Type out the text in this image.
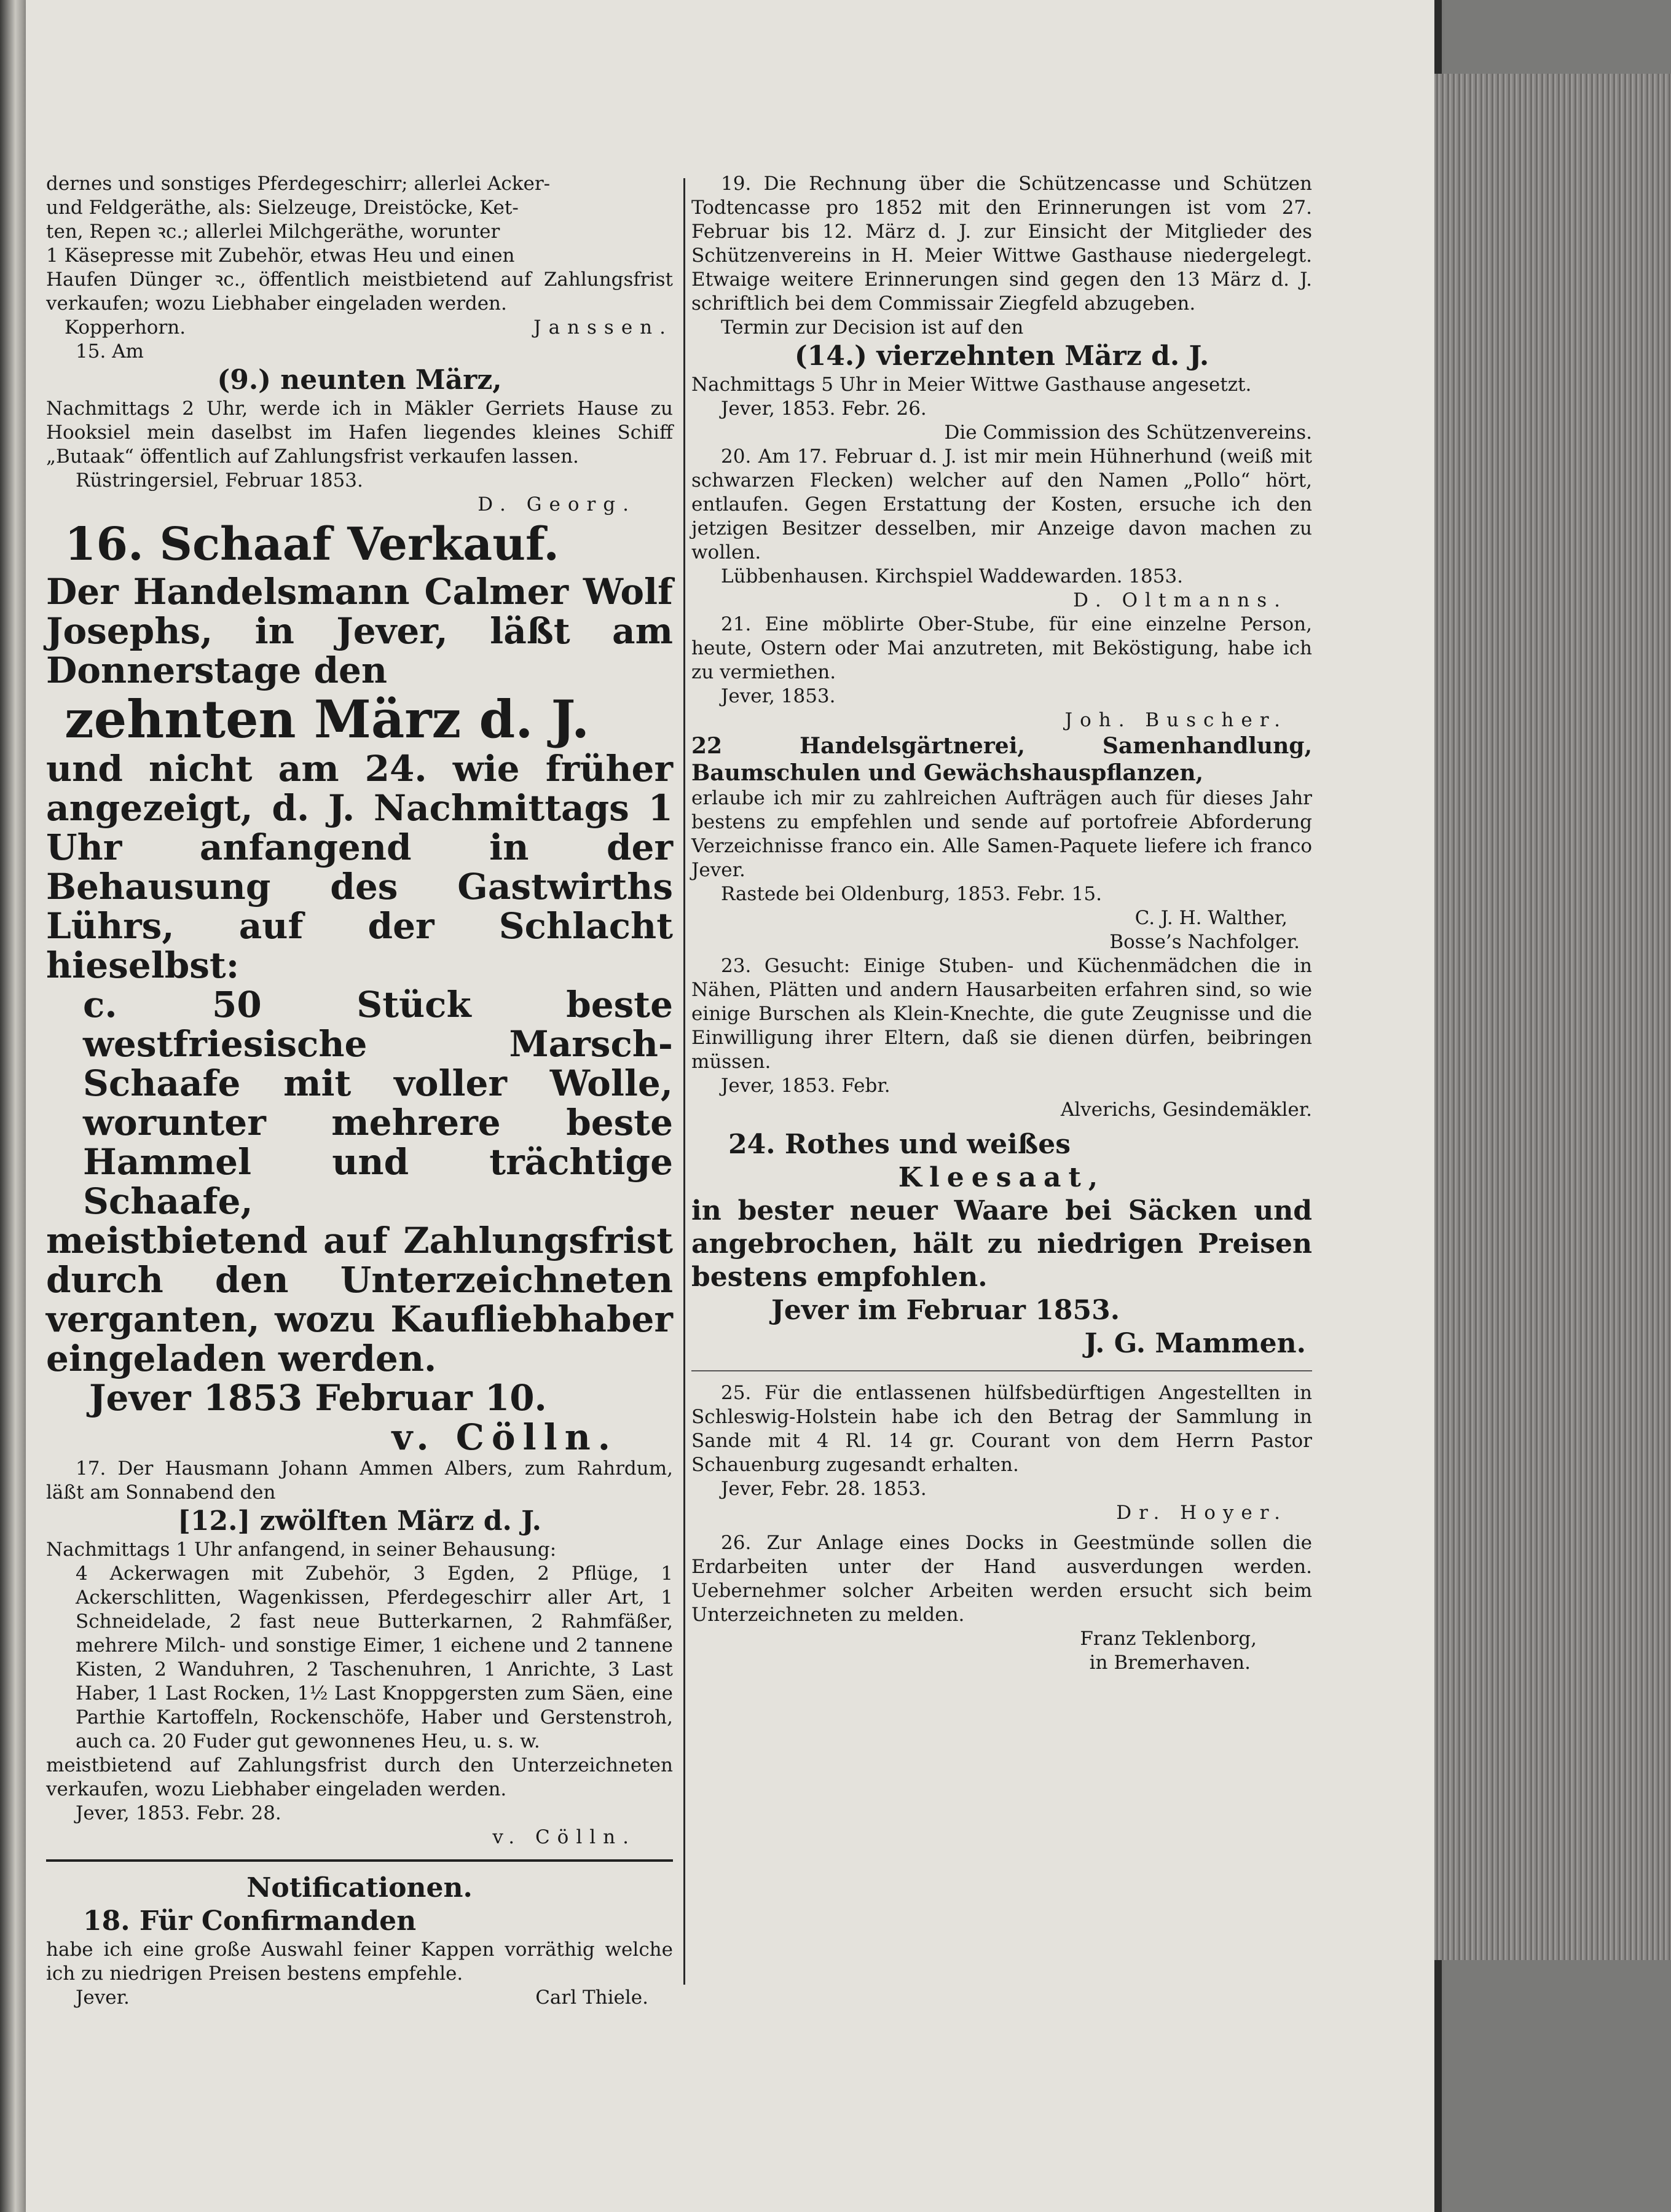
dernes und sonstiges Pferdegeschirr; allerlei Acker-

und Feldgeräthe, als: Sielzeuge, Dreistöcke, Ket-

ten, Repen ꝛc.; allerlei Milchgeräthe, worunter

1 Käsepresse mit Zubehör, etwas Heu und einen

Haufen Dünger ꝛc., öffentlich meistbietend auf Zahlungsfrist verkaufen; wozu Liebhaber eingeladen werden.

Kopperhorn.	Janssen.

15. Am

(9.) neunten März,

Nachmittags 2 Uhr, werde ich in Mäkler Gerriets Hause zu Hooksiel mein daselbst im Hafen liegendes kleines Schiff „Butaak“ öffentlich auf Zahlungsfrist verkaufen lassen.

Rüstringersiel, Februar 1853.

D. Georg.

16. Schaaf Verkauf.

Der Handelsmann Calmer Wolf Josephs, in Jever, läßt am Donnerstage den

zehnten März d. J.

und nicht am 24. wie früher angezeigt, d. J. Nachmittags 1 Uhr anfangend in der Behausung des Gastwirths Lührs, auf der Schlacht hieselbst:

c. 50 Stück beste westfriesische Marsch-Schaafe mit voller Wolle, worunter mehrere beste Hammel und trächtige Schaafe,

meistbietend auf Zahlungsfrist durch den Unterzeichneten verganten, wozu Kaufliebhaber eingeladen werden.

Jever 1853 Februar 10.

v. Cölln.

17. Der Hausmann Johann Ammen Albers, zum Rahrdum, läßt am Sonnabend den

[12.] zwölften März d. J.

Nachmittags 1 Uhr anfangend, in seiner Behausung:

4 Ackerwagen mit Zubehör, 3 Egden, 2 Pflüge, 1 Ackerschlitten, Wagenkissen, Pferdegeschirr aller Art, 1 Schneidelade, 2 fast neue Butterkarnen, 2 Rahmfäßer, mehrere Milch- und sonstige Eimer, 1 eichene und 2 tannene Kisten, 2 Wanduhren, 2 Taschenuhren, 1 Anrichte, 3 Last Haber, 1 Last Rocken, 1½ Last Knoppgersten zum Säen, eine Parthie Kartoffeln, Rockenschöfe, Haber und Gerstenstroh, auch ca. 20 Fuder gut gewonnenes Heu, u. s. w.

meistbietend auf Zahlungsfrist durch den Unterzeichneten verkaufen, wozu Liebhaber eingeladen werden.

Jever, 1853. Febr. 28.

v. Cölln.

Notificationen.

18. Für Confirmanden

habe ich eine große Auswahl feiner Kappen vorräthig welche ich zu niedrigen Preisen bestens empfehle.

Jever.	Carl Thiele.

19. Die Rechnung über die Schützencasse und Schützen Todtencasse pro 1852 mit den Erinnerungen ist vom 27. Februar bis 12. März d. J. zur Einsicht der Mitglieder des Schützenvereins in H. Meier Wittwe Gasthause niedergelegt. Etwaige weitere Erinnerungen sind gegen den 13 März d. J. schriftlich bei dem Commissair Ziegfeld abzugeben.

Termin zur Decision ist auf den

(14.) vierzehnten März d. J.

Nachmittags 5 Uhr in Meier Wittwe Gasthause angesetzt.

Jever, 1853. Febr. 26.

Die Commission des Schützenvereins.

20. Am 17. Februar d. J. ist mir mein Hühnerhund (weiß mit schwarzen Flecken) welcher auf den Namen „Pollo“ hört, entlaufen. Gegen Erstattung der Kosten, ersuche ich den jetzigen Besitzer desselben, mir Anzeige davon machen zu wollen.

Lübbenhausen. Kirchspiel Waddewarden. 1853.

D. Oltmanns.

21. Eine möblirte Ober-Stube, für eine einzelne Person, heute, Ostern oder Mai anzutreten, mit Beköstigung, habe ich zu vermiethen.

Jever, 1853.

Joh. Buscher.

22 Handelsgärtnerei, Samenhandlung, Baumschulen und Gewächshauspflanzen,

erlaube ich mir zu zahlreichen Aufträgen auch für dieses Jahr bestens zu empfehlen und sende auf portofreie Abforderung Verzeichnisse franco ein. Alle Samen-Paquete liefere ich franco Jever.

Rastede bei Oldenburg, 1853. Febr. 15.

C. J. H. Walther,

Bosse’s Nachfolger.

23. Gesucht: Einige Stuben- und Küchenmädchen die in Nähen, Plätten und andern Hausarbeiten erfahren sind, so wie einige Burschen als Klein-Knechte, die gute Zeugnisse und die Einwilligung ihrer Eltern, daß sie dienen dürfen, beibringen müssen.

Jever, 1853. Febr.

Alverichs, Gesindemäkler.

24. Rothes und weißes

Kleesaat,

in bester neuer Waare bei Säcken und angebrochen, hält zu niedrigen Preisen bestens empfohlen.

Jever im Februar 1853.

J. G. Mammen.

25. Für die entlassenen hülfsbedürftigen Angestellten in Schleswig-Holstein habe ich den Betrag der Sammlung in Sande mit 4 Rl. 14 gr. Courant von dem Herrn Pastor Schauenburg zugesandt erhalten.

Jever, Febr. 28. 1853.

Dr. Hoyer.

26. Zur Anlage eines Docks in Geestmünde sollen die Erdarbeiten unter der Hand ausverdungen werden. Uebernehmer solcher Arbeiten werden ersucht sich beim Unterzeichneten zu melden.

Franz Teklenborg,

in Bremerhaven.
